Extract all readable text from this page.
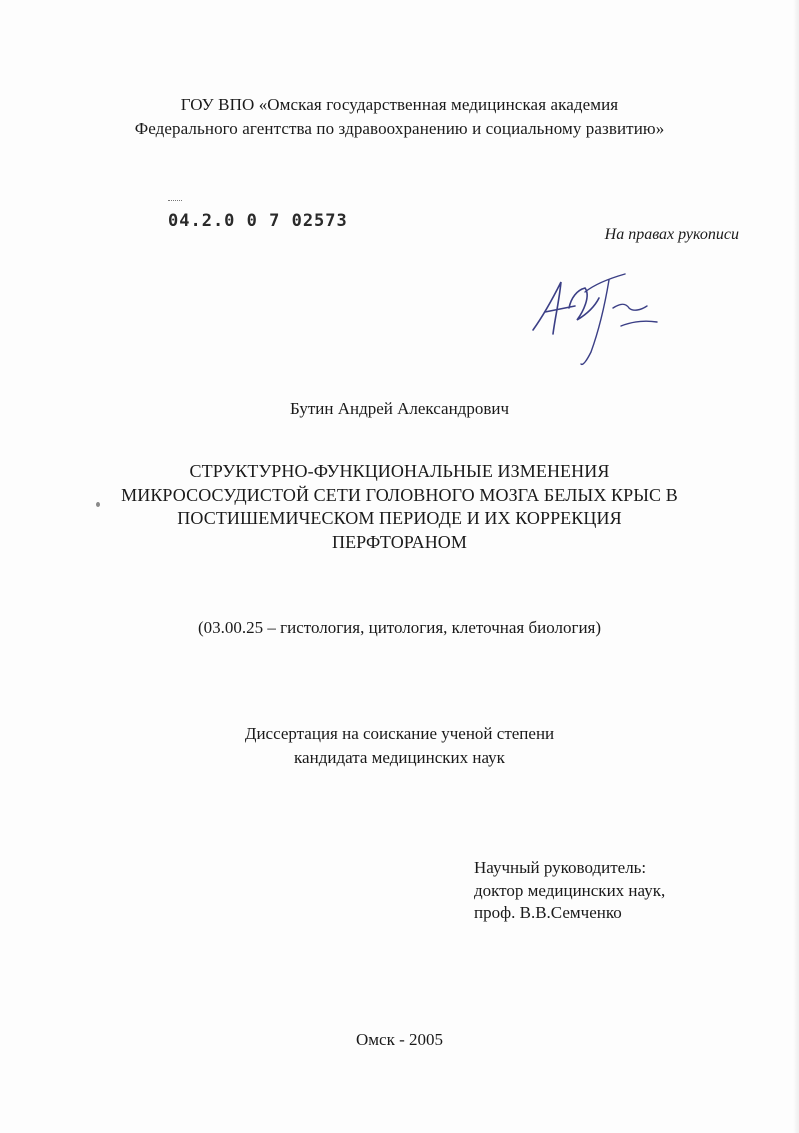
ГОУ ВПО «Омская государственная медицинская академия
Федерального агентства по здравоохранению и социальному развитию»
04.2.0 0 7 02573
На правах рукописи
Бутин Андрей Александрович
СТРУКТУРНО-ФУНКЦИОНАЛЬНЫЕ ИЗМЕНЕНИЯ
МИКРОСОСУДИСТОЙ СЕТИ ГОЛОВНОГО МОЗГА БЕЛЫХ КРЫС В
ПОСТИШЕМИЧЕСКОМ ПЕРИОДЕ И ИХ КОРРЕКЦИЯ
ПЕРФТОРАНОМ
(03.00.25 – гистология, цитология, клеточная биология)
Диссертация на соискание ученой степени
кандидата медицинских наук
Научный руководитель:
доктор медицинских наук,
проф. В.В.Семченко
Омск - 2005
